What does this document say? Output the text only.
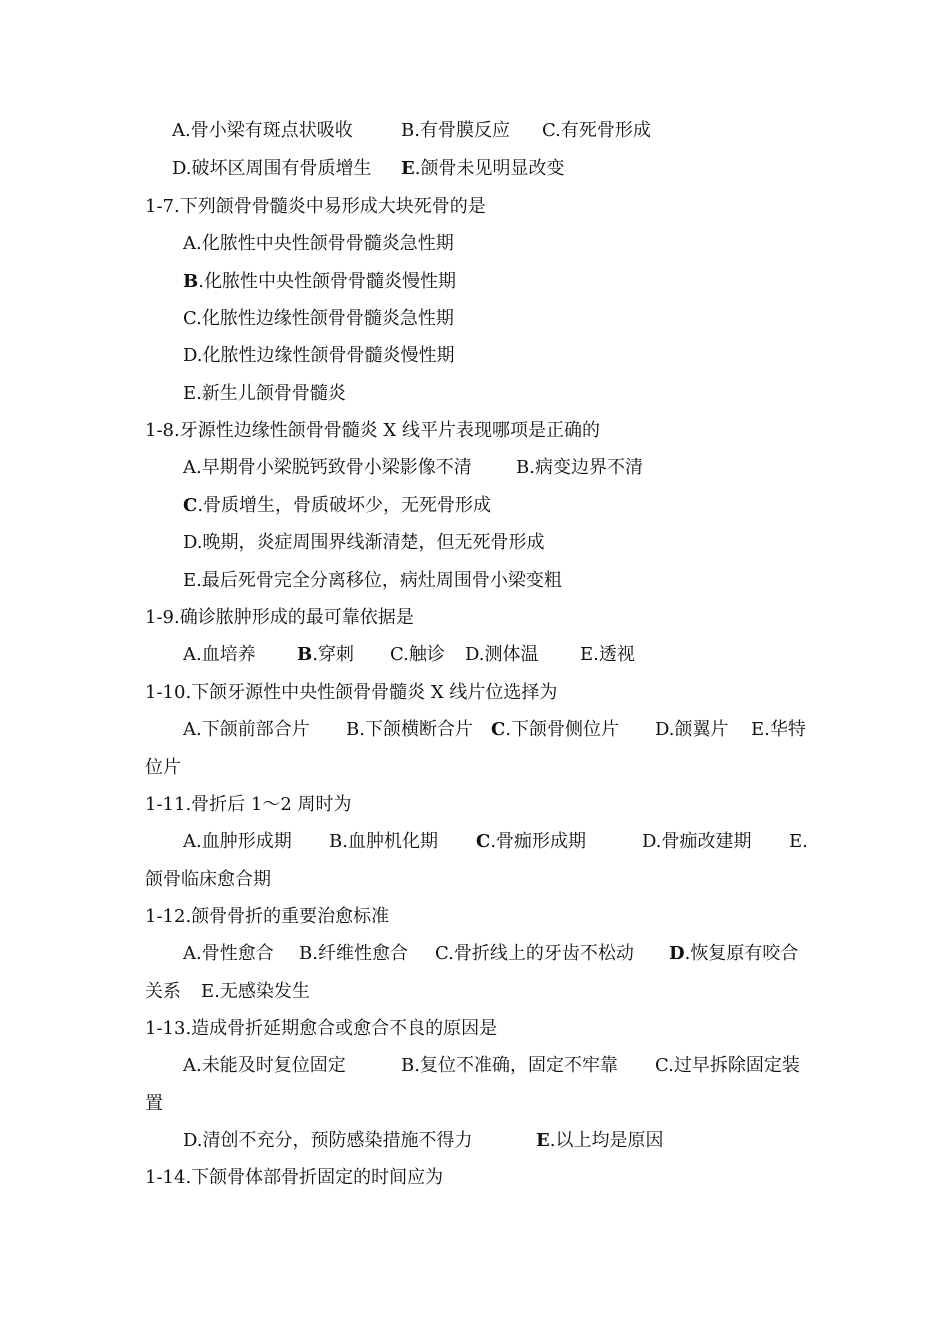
A.骨小梁有斑点状吸收	B.有骨膜反应 C.有死骨形成
D.破坏区周围有骨质增生 E.颌骨未见明显改变
1-7.下列颌骨骨髓炎中易形成大块死骨的是
A.化脓性中央性颌骨骨髓炎急性期
B.化脓性中央性颌骨骨髓炎慢性期
C.化脓性边缘性颌骨骨髓炎急性期
D.化脓性边缘性颌骨骨髓炎慢性期
E.新生儿颌骨骨髓炎
1-8.牙源性边缘性颌骨骨髓炎 X 线平片表现哪项是正确的
A.早期骨小梁脱钙致骨小梁影像不清 B.病变边界不清
C.骨质增生，骨质破坏少，无死骨形成
D.晚期，炎症周围界线渐清楚，但无死骨形成
E.最后死骨完全分离移位，病灶周围骨小梁变粗
1-9.确诊脓肿形成的最可靠依据是
A.血培养 B.穿刺 C.触诊 D.测体温 E.透视
1-10.下颌牙源性中央性颌骨骨髓炎 X 线片位选择为
A.下颌前部合片 B.下颌横断合片 C.下颌骨侧位片 D.颌翼片 E.华特
位片
1-11.骨折后 1～2 周时为
A.血肿形成期 B.血肿机化期 C.骨痂形成期	D.骨痂改建期 E.
颌骨临床愈合期
1-12.颌骨骨折的重要治愈标准
A.骨性愈合 B.纤维性愈合 C.骨折线上的牙齿不松动 D.恢复原有咬合
关系 E.无感染发生
1-13.造成骨折延期愈合或愈合不良的原因是
A.未能及时复位固定	B.复位不准确，固定不牢靠 C.过早拆除固定装
置
D.清创不充分，预防感染措施不得力	E.以上均是原因
1-14.下颌骨体部骨折固定的时间应为
